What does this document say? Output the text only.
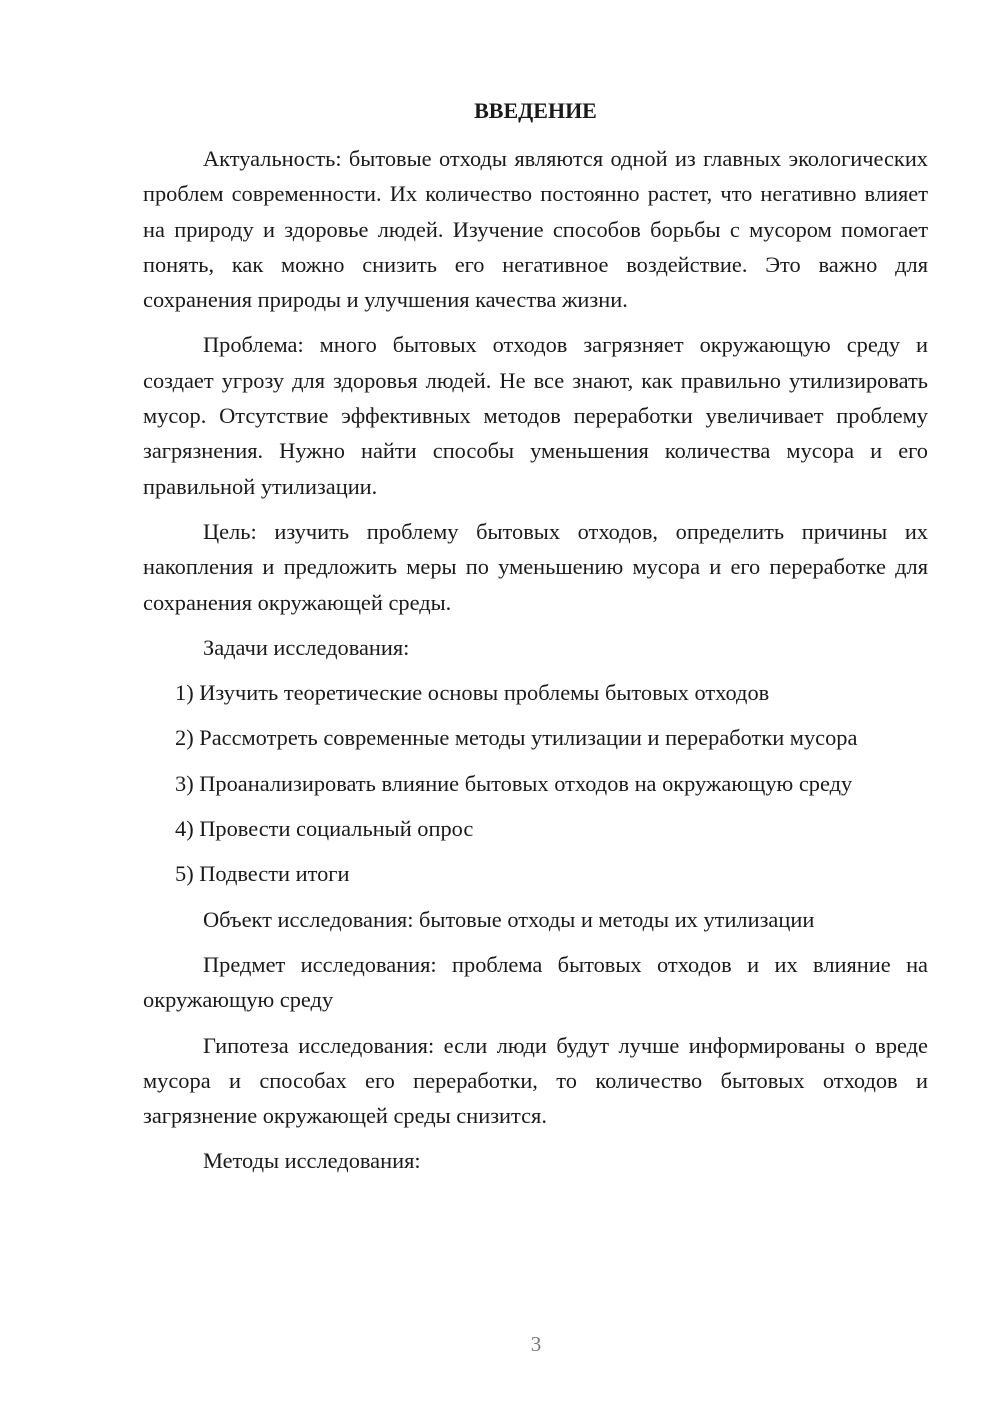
ВВЕДЕНИЕ

Актуальность: бытовые отходы являются одной из главных экологических проблем современности. Их количество постоянно растет, что негативно влияет на природу и здоровье людей. Изучение способов борьбы с мусором помогает понять, как можно снизить его негативное воздействие. Это важно для сохранения природы и улучшения качества жизни.

Проблема: много бытовых отходов загрязняет окружающую среду и создает угрозу для здоровья людей. Не все знают, как правильно утилизировать мусор. Отсутствие эффективных методов переработки увеличивает проблему загрязнения. Нужно найти способы уменьшения количества мусора и его правильной утилизации.

Цель: изучить проблему бытовых отходов, определить причины их накопления и предложить меры по уменьшению мусора и его переработке для сохранения окружающей среды.

Задачи исследования:

1) Изучить теоретические основы проблемы бытовых отходов

2) Рассмотреть современные методы утилизации и переработки мусора

3) Проанализировать влияние бытовых отходов на окружающую среду

4) Провести социальный опрос

5) Подвести итоги

Объект исследования: бытовые отходы и методы их утилизации

Предмет исследования: проблема бытовых отходов и их влияние на окружающую среду

Гипотеза исследования: если люди будут лучше информированы о вреде мусора и способах его переработки, то количество бытовых отходов и загрязнение окружающей среды снизится.

Методы исследования:

3
